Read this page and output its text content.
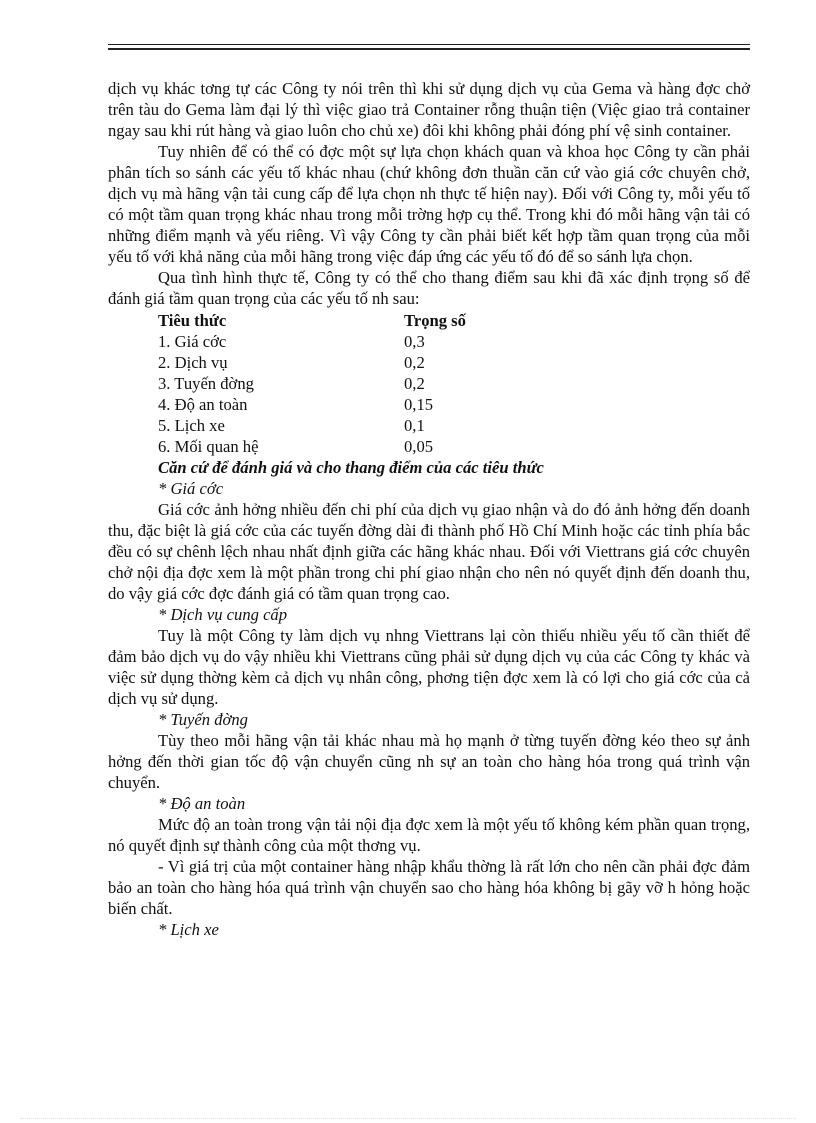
dịch vụ khác tơng tự các Công ty nói trên thì khi sử dụng dịch vụ của Gema và hàng đợc chở trên tàu do Gema làm đại lý thì việc giao trả Container rỗng thuận tiện (Việc giao trả container ngay sau khi rút hàng và giao luôn cho chủ xe) đôi khi không phải đóng phí vệ sinh container.

Tuy nhiên để có thể có đợc một sự lựa chọn khách quan và khoa học Công ty cần phải phân tích so sánh các yếu tố khác nhau (chứ không đơn thuần căn cứ vào giá cớc chuyên chở, dịch vụ mà hãng vận tải cung cấp để lựa chọn nh thực tế hiện nay). Đối với Công ty, mỗi yếu tố có một tầm quan trọng khác nhau trong mỗi trờng hợp cụ thể. Trong khi đó mỗi hãng vận tải có những điểm mạnh và yếu riêng. Vì vậy Công ty cần phải biết kết hợp tầm quan trọng của mỗi yếu tố với khả năng của mỗi hãng trong việc đáp ứng các yếu tố đó để so sánh lựa chọn.

Qua tình hình thực tế, Công ty có thể cho thang điểm sau khi đã xác định trọng số để đánh giá tầm quan trọng của các yếu tố nh sau:

Tiêu thức	Trọng số
1. Giá cớc	0,3
2. Dịch vụ	0,2
3. Tuyến đờng	0,2
4. Độ an toàn	0,15
5. Lịch xe	0,1
6. Mối quan hệ	0,05
Căn cứ để đánh giá và cho thang điểm của các tiêu thức
* Giá cớc

Giá cớc ảnh hởng nhiều đến chi phí của dịch vụ giao nhận và do đó ảnh hởng đến doanh thu, đặc biệt là giá cớc của các tuyến đờng dài đi thành phố Hồ Chí Minh hoặc các tỉnh phía bắc đều có sự chênh lệch nhau nhất định giữa các hãng khác nhau. Đối với Viettrans giá cớc chuyên chở nội địa đợc xem là một phần trong chi phí giao nhận cho nên nó quyết định đến doanh thu, do vậy giá cớc đợc đánh giá có tầm quan trọng cao.

* Dịch vụ cung cấp

Tuy là một Công ty làm dịch vụ nhng Viettrans lại còn thiếu nhiều yếu tố cần thiết để đảm bảo dịch vụ do vậy nhiều khi Viettrans cũng phải sử dụng dịch vụ của các Công ty khác và việc sử dụng thờng kèm cả dịch vụ nhân công, phơng tiện đợc xem là có lợi cho giá cớc của cả dịch vụ sử dụng.

* Tuyến đờng

Tùy theo mỗi hãng vận tải khác nhau mà họ mạnh ở từng tuyến đờng kéo theo sự ảnh hởng đến thời gian tốc độ vận chuyển cũng nh sự an toàn cho hàng hóa trong quá trình vận chuyển.

* Độ an toàn

Mức độ an toàn trong vận tải nội địa đợc xem là một yếu tố không kém phần quan trọng, nó quyết định sự thành công của một thơng vụ.

- Vì giá trị của một container hàng nhập khẩu thờng là rất lớn cho nên cần phải đợc đảm bảo an toàn cho hàng hóa quá trình vận chuyển sao cho hàng hóa không bị gãy vỡ h hỏng hoặc biến chất.

* Lịch xe
